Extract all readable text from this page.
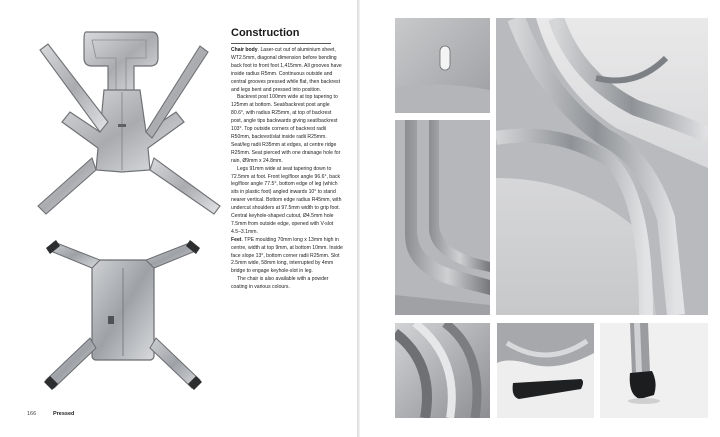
Construction

Chair body. Laser-cut out of aluminium sheet, WT2.5mm, diagonal dimension before bending back foot to front foot 1,415mm. All grooves have inside radius R5mm. Continuous outside and central grooves pressed while flat, then backrest and legs bent and pressed into position.

Backrest post 100mm wide at top tapering to 125mm at bottom. Seat/backrest post angle 80.6°, with radius R25mm, at top of backrest post, angle tips backwards giving seat/backrest 103°. Top outside corners of backrest radii R50mm, backrest/slat inside radii R25mm. Seat/leg radii R35mm at edges, at centre ridge R25mm. Seat pierced with one drainage hole for rain, Ø9mm x 24.8mm.

Legs 91mm wide at seat tapering down to 72.5mm at foot. Front leg/floor angle 96.6°, back leg/floor angle 77.5°, bottom edge of leg (which sits in plastic foot) angled inwards 10° to stand nearer vertical. Bottom edge radius R45mm, with undercut shoulders at 97.5mm width to grip foot. Central keyhole-shaped cutout, Ø4.5mm hole 7.5mm from outside edge, opened with V-slot 4.5–3.1mm.

Feet. TPE moulding 70mm long x 13mm high in centre, width at top 9mm, at bottom 10mm. Inside face slope 13°, bottom corner radii R25mm. Slot 2.5mm wide, 58mm long, interrupted by 4mm bridge to engage keyhole-slot in leg.

The chair is also available with a powder coating in various colours.

166	Pressed
